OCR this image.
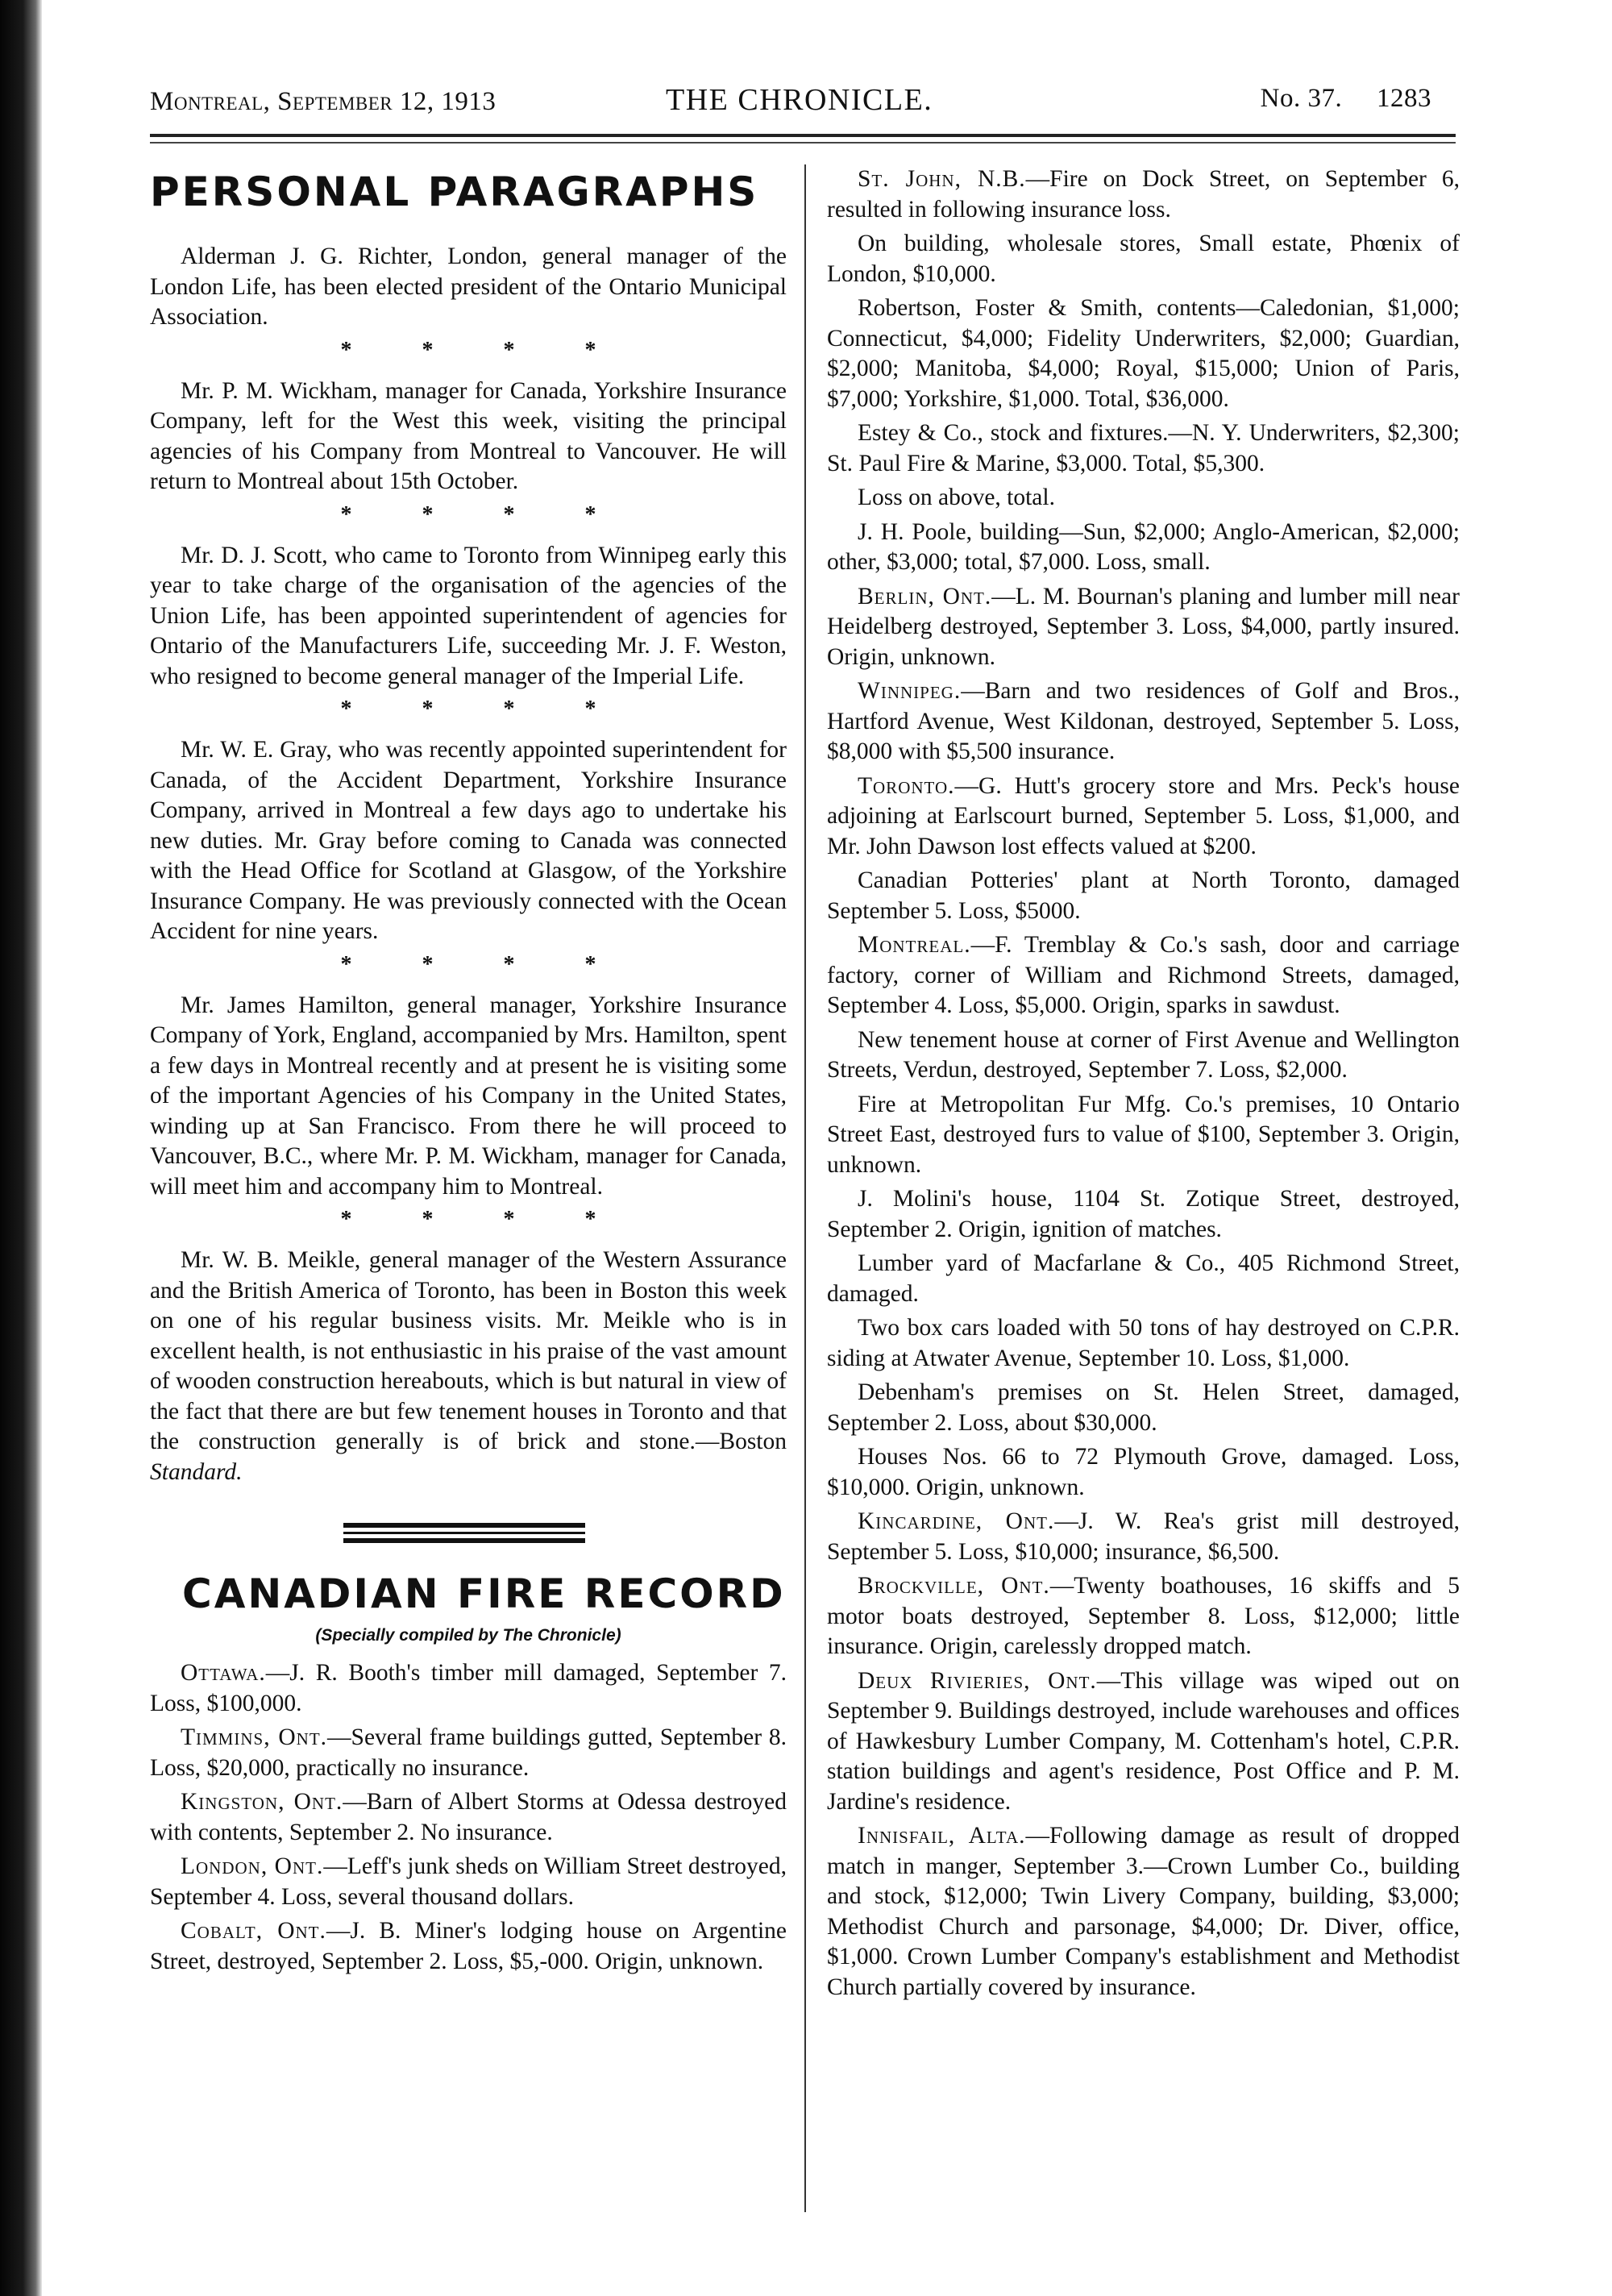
Montreal, September 12, 1913	THE CHRONICLE.	No. 37. 1283
PERSONAL PARAGRAPHS

Alderman J. G. Richter, London, general manager of the London Life, has been elected president of the Ontario Municipal Association.

* * * *

Mr. P. M. Wickham, manager for Canada, Yorkshire Insurance Company, left for the West this week, visiting the principal agencies of his Company from Montreal to Vancouver. He will return to Montreal about 15th October.

* * * *

Mr. D. J. Scott, who came to Toronto from Winnipeg early this year to take charge of the organisation of the agencies of the Union Life, has been appointed superintendent of agencies for Ontario of the Manufacturers Life, succeeding Mr. J. F. Weston, who resigned to become general manager of the Imperial Life.

* * * *

Mr. W. E. Gray, who was recently appointed superintendent for Canada, of the Accident Department, Yorkshire Insurance Company, arrived in Montreal a few days ago to undertake his new duties. Mr. Gray before coming to Canada was connected with the Head Office for Scotland at Glasgow, of the Yorkshire Insurance Company. He was previously connected with the Ocean Accident for nine years.

* * * *

Mr. James Hamilton, general manager, Yorkshire Insurance Company of York, England, accompanied by Mrs. Hamilton, spent a few days in Montreal recently and at present he is visiting some of the important Agencies of his Company in the United States, winding up at San Francisco. From there he will proceed to Vancouver, B.C., where Mr. P. M. Wickham, manager for Canada, will meet him and accompany him to Montreal.

* * * *

Mr. W. B. Meikle, general manager of the Western Assurance and the British America of Toronto, has been in Boston this week on one of his regular business visits. Mr. Meikle who is in excellent health, is not enthusiastic in his praise of the vast amount of wooden construction hereabouts, which is but natural in view of the fact that there are but few tenement houses in Toronto and that the construction generally is of brick and stone.—Boston Standard.

CANADIAN FIRE RECORD
(Specially compiled by The Chronicle)

Ottawa.—J. R. Booth's timber mill damaged, September 7. Loss, $100,000.

Timmins, Ont.—Several frame buildings gutted, September 8. Loss, $20,000, practically no insurance.

Kingston, Ont.—Barn of Albert Storms at Odessa destroyed with contents, September 2. No insurance.

London, Ont.—Leff's junk sheds on William Street destroyed, September 4. Loss, several thousand dollars.

Cobalt, Ont.—J. B. Miner's lodging house on Argentine Street, destroyed, September 2. Loss, $5,-000. Origin, unknown.

St. John, N.B.—Fire on Dock Street, on September 6, resulted in following insurance loss.

On building, wholesale stores, Small estate, Phœnix of London, $10,000.

Robertson, Foster & Smith, contents—Caledonian, $1,000; Connecticut, $4,000; Fidelity Underwriters, $2,000; Guardian, $2,000; Manitoba, $4,000; Royal, $15,000; Union of Paris, $7,000; Yorkshire, $1,000. Total, $36,000.

Estey & Co., stock and fixtures.—N. Y. Underwriters, $2,300; St. Paul Fire & Marine, $3,000. Total, $5,300.

Loss on above, total.

J. H. Poole, building—Sun, $2,000; Anglo-American, $2,000; other, $3,000; total, $7,000. Loss, small.

Berlin, Ont.—L. M. Bournan's planing and lumber mill near Heidelberg destroyed, September 3. Loss, $4,000, partly insured. Origin, unknown.

Winnipeg.—Barn and two residences of Golf and Bros., Hartford Avenue, West Kildonan, destroyed, September 5. Loss, $8,000 with $5,500 insurance.

Toronto.—G. Hutt's grocery store and Mrs. Peck's house adjoining at Earlscourt burned, September 5. Loss, $1,000, and Mr. John Dawson lost effects valued at $200.

Canadian Potteries' plant at North Toronto, damaged September 5. Loss, $5000.

Montreal.—F. Tremblay & Co.'s sash, door and carriage factory, corner of William and Richmond Streets, damaged, September 4. Loss, $5,000. Origin, sparks in sawdust.

New tenement house at corner of First Avenue and Wellington Streets, Verdun, destroyed, September 7. Loss, $2,000.

Fire at Metropolitan Fur Mfg. Co.'s premises, 10 Ontario Street East, destroyed furs to value of $100, September 3. Origin, unknown.

J. Molini's house, 1104 St. Zotique Street, destroyed, September 2. Origin, ignition of matches.

Lumber yard of Macfarlane & Co., 405 Richmond Street, damaged.

Two box cars loaded with 50 tons of hay destroyed on C.P.R. siding at Atwater Avenue, September 10. Loss, $1,000.

Debenham's premises on St. Helen Street, damaged, September 2. Loss, about $30,000.

Houses Nos. 66 to 72 Plymouth Grove, damaged. Loss, $10,000. Origin, unknown.

Kincardine, Ont.—J. W. Rea's grist mill destroyed, September 5. Loss, $10,000; insurance, $6,500.

Brockville, Ont.—Twenty boathouses, 16 skiffs and 5 motor boats destroyed, September 8. Loss, $12,000; little insurance. Origin, carelessly dropped match.

Deux Rivieries, Ont.—This village was wiped out on September 9. Buildings destroyed, include warehouses and offices of Hawkesbury Lumber Company, M. Cottenham's hotel, C.P.R. station buildings and agent's residence, Post Office and P. M. Jardine's residence.

Innisfail, Alta.—Following damage as result of dropped match in manger, September 3.—Crown Lumber Co., building and stock, $12,000; Twin Livery Company, building, $3,000; Methodist Church and parsonage, $4,000; Dr. Diver, office, $1,000. Crown Lumber Company's establishment and Methodist Church partially covered by insurance.
